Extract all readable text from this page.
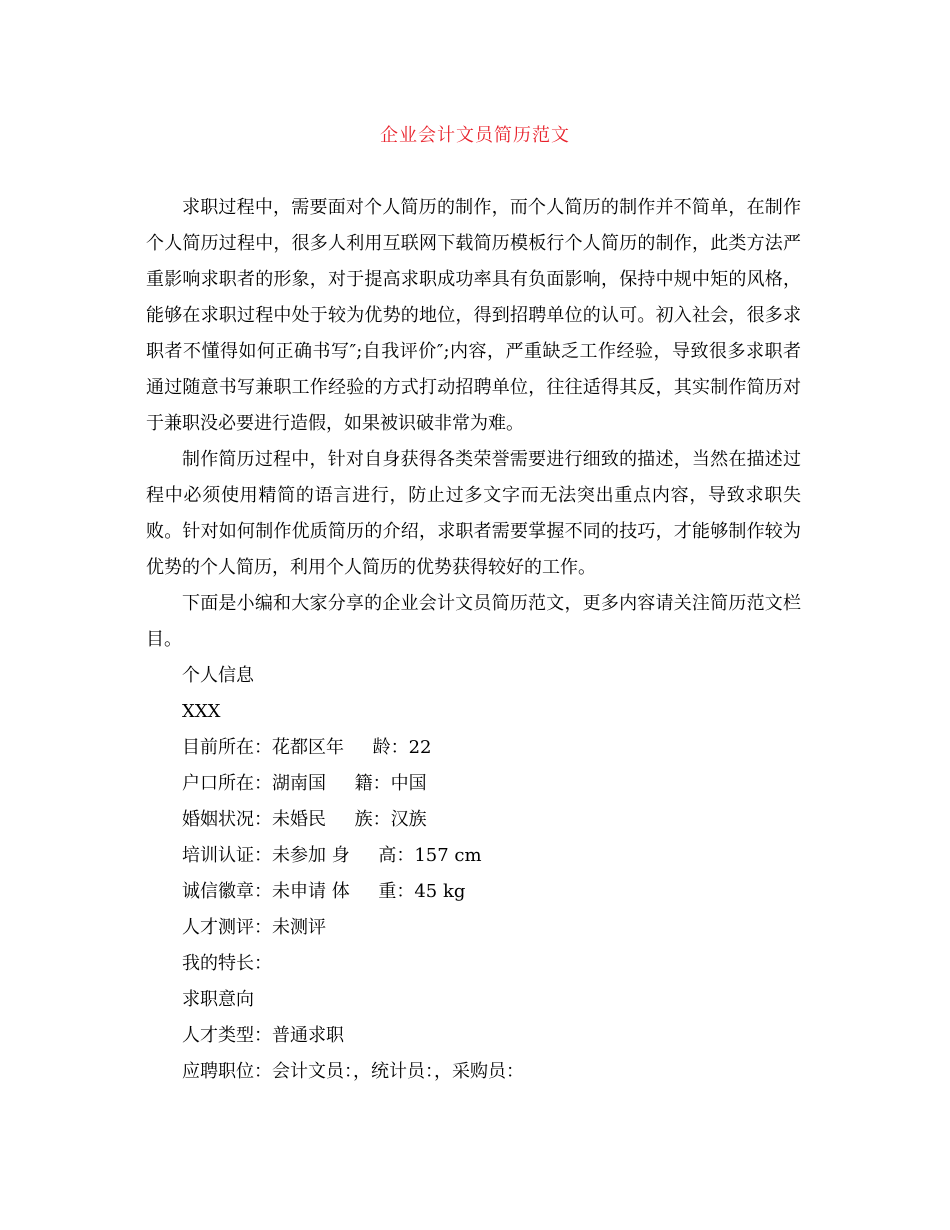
企业会计文员简历范文

求职过程中，需要面对个人简历的制作，而个人简历的制作并不简单，在制作个人简历过程中，很多人利用互联网下载简历模板行个人简历的制作，此类方法严重影响求职者的形象，对于提高求职成功率具有负面影响，保持中规中矩的风格，能够在求职过程中处于较为优势的地位，得到招聘单位的认可。初入社会，很多求职者不懂得如何正确书写″;自我评价″;内容，严重缺乏工作经验，导致很多求职者通过随意书写兼职工作经验的方式打动招聘单位，往往适得其反，其实制作简历对于兼职没必要进行造假，如果被识破非常为难。

制作简历过程中，针对自身获得各类荣誉需要进行细致的描述，当然在描述过程中必须使用精简的语言进行，防止过多文字而无法突出重点内容，导致求职失败。针对如何制作优质简历的介绍，求职者需要掌握不同的技巧，才能够制作较为优势的个人简历，利用个人简历的优势获得较好的工作。

下面是小编和大家分享的企业会计文员简历范文，更多内容请关注简历范文栏目。

个人信息

XXX

目前所在：花都区年     龄：22

户口所在：湖南国     籍：中国

婚姻状况：未婚民     族：汉族

培训认证：未参加 身     高：157 cm

诚信徽章：未申请 体     重：45 kg

人才测评：未测评

我的特长：

求职意向

人才类型：普通求职

应聘职位：会计文员：，统计员：，采购员：
